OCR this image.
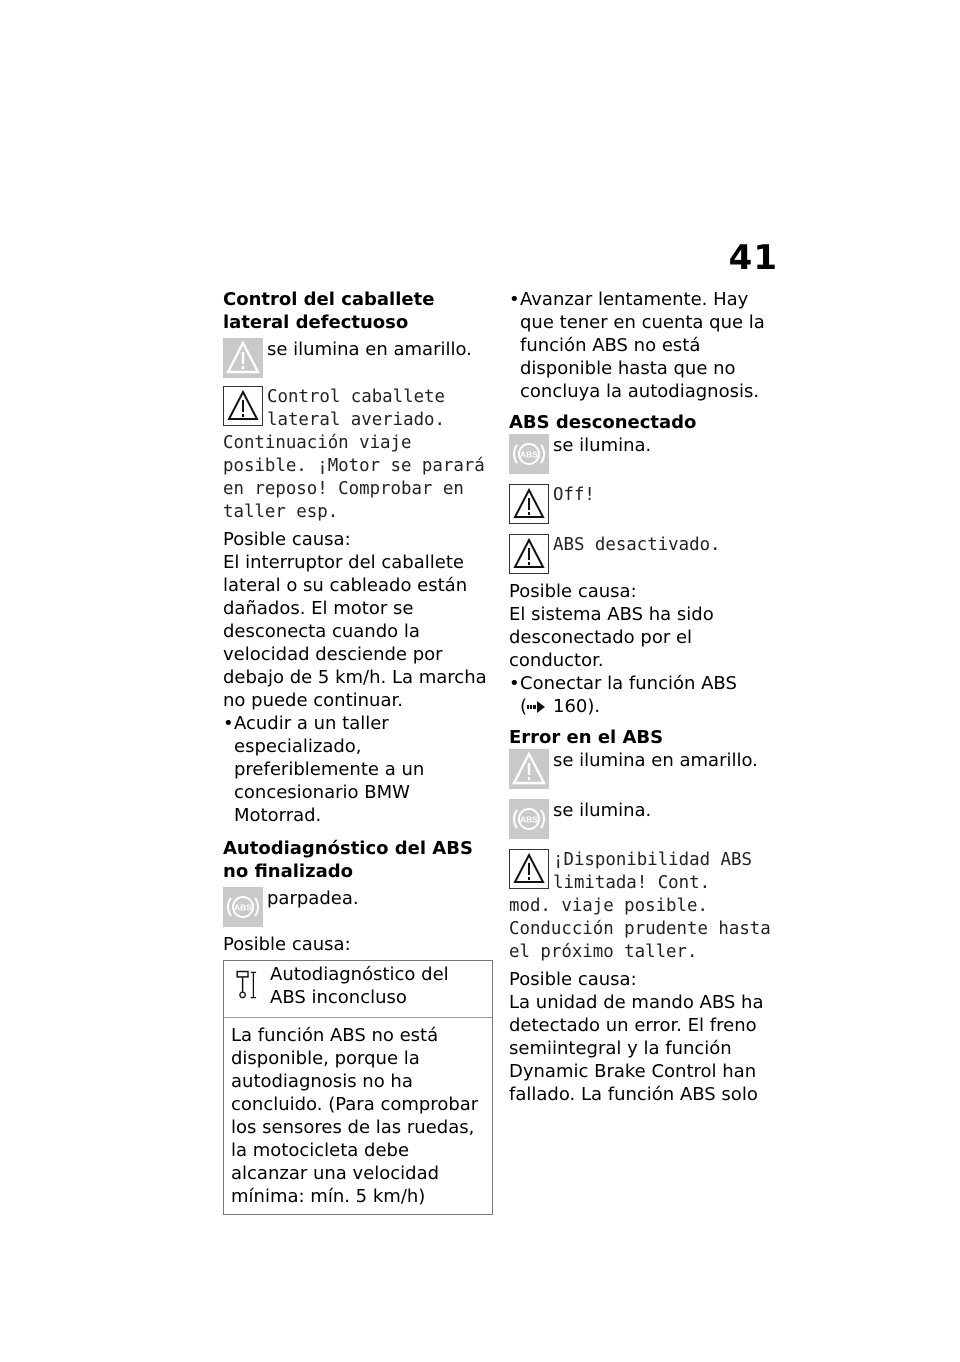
41

Control del caballete lateral defectuoso

se ilumina en amarillo.

Control caballete lateral averiado.

Continuación viaje posible. ¡Motor se parará en reposo! Comprobar en taller esp.

Posible causa:

El interruptor del caballete lateral o su cableado están dañados. El motor se desconecta cuando la velocidad desciende por debajo de 5 km/h. La marcha no puede continuar.

• Acudir a un taller especializado, preferiblemente a un concesionario BMW Motorrad.

Autodiagnóstico del ABS no finalizado

ABS parpadea.

Posible causa:

Autodiagnóstico del ABS inconcluso

La función ABS no está disponible, porque la autodiagnosis no ha concluido. (Para comprobar los sensores de las ruedas, la motocicleta debe alcanzar una velocidad mínima: mín. 5 km/h)

• Avanzar lentamente. Hay que tener en cuenta que la función ABS no está disponible hasta que no concluya la autodiagnosis.

ABS desconectado

ABS se ilumina.

Off!

ABS desactivado.

Posible causa:

El sistema ABS ha sido desconectado por el conductor.

• Conectar la función ABS
( 160).

Error en el ABS

se ilumina en amarillo.

ABS se ilumina.

¡Disponibilidad ABS limitada! Cont.

mod. viaje posible. Conducción prudente hasta el próximo taller.

Posible causa:

La unidad de mando ABS ha detectado un error. El freno semiintegral y la función Dynamic Brake Control han fallado. La función ABS solo
